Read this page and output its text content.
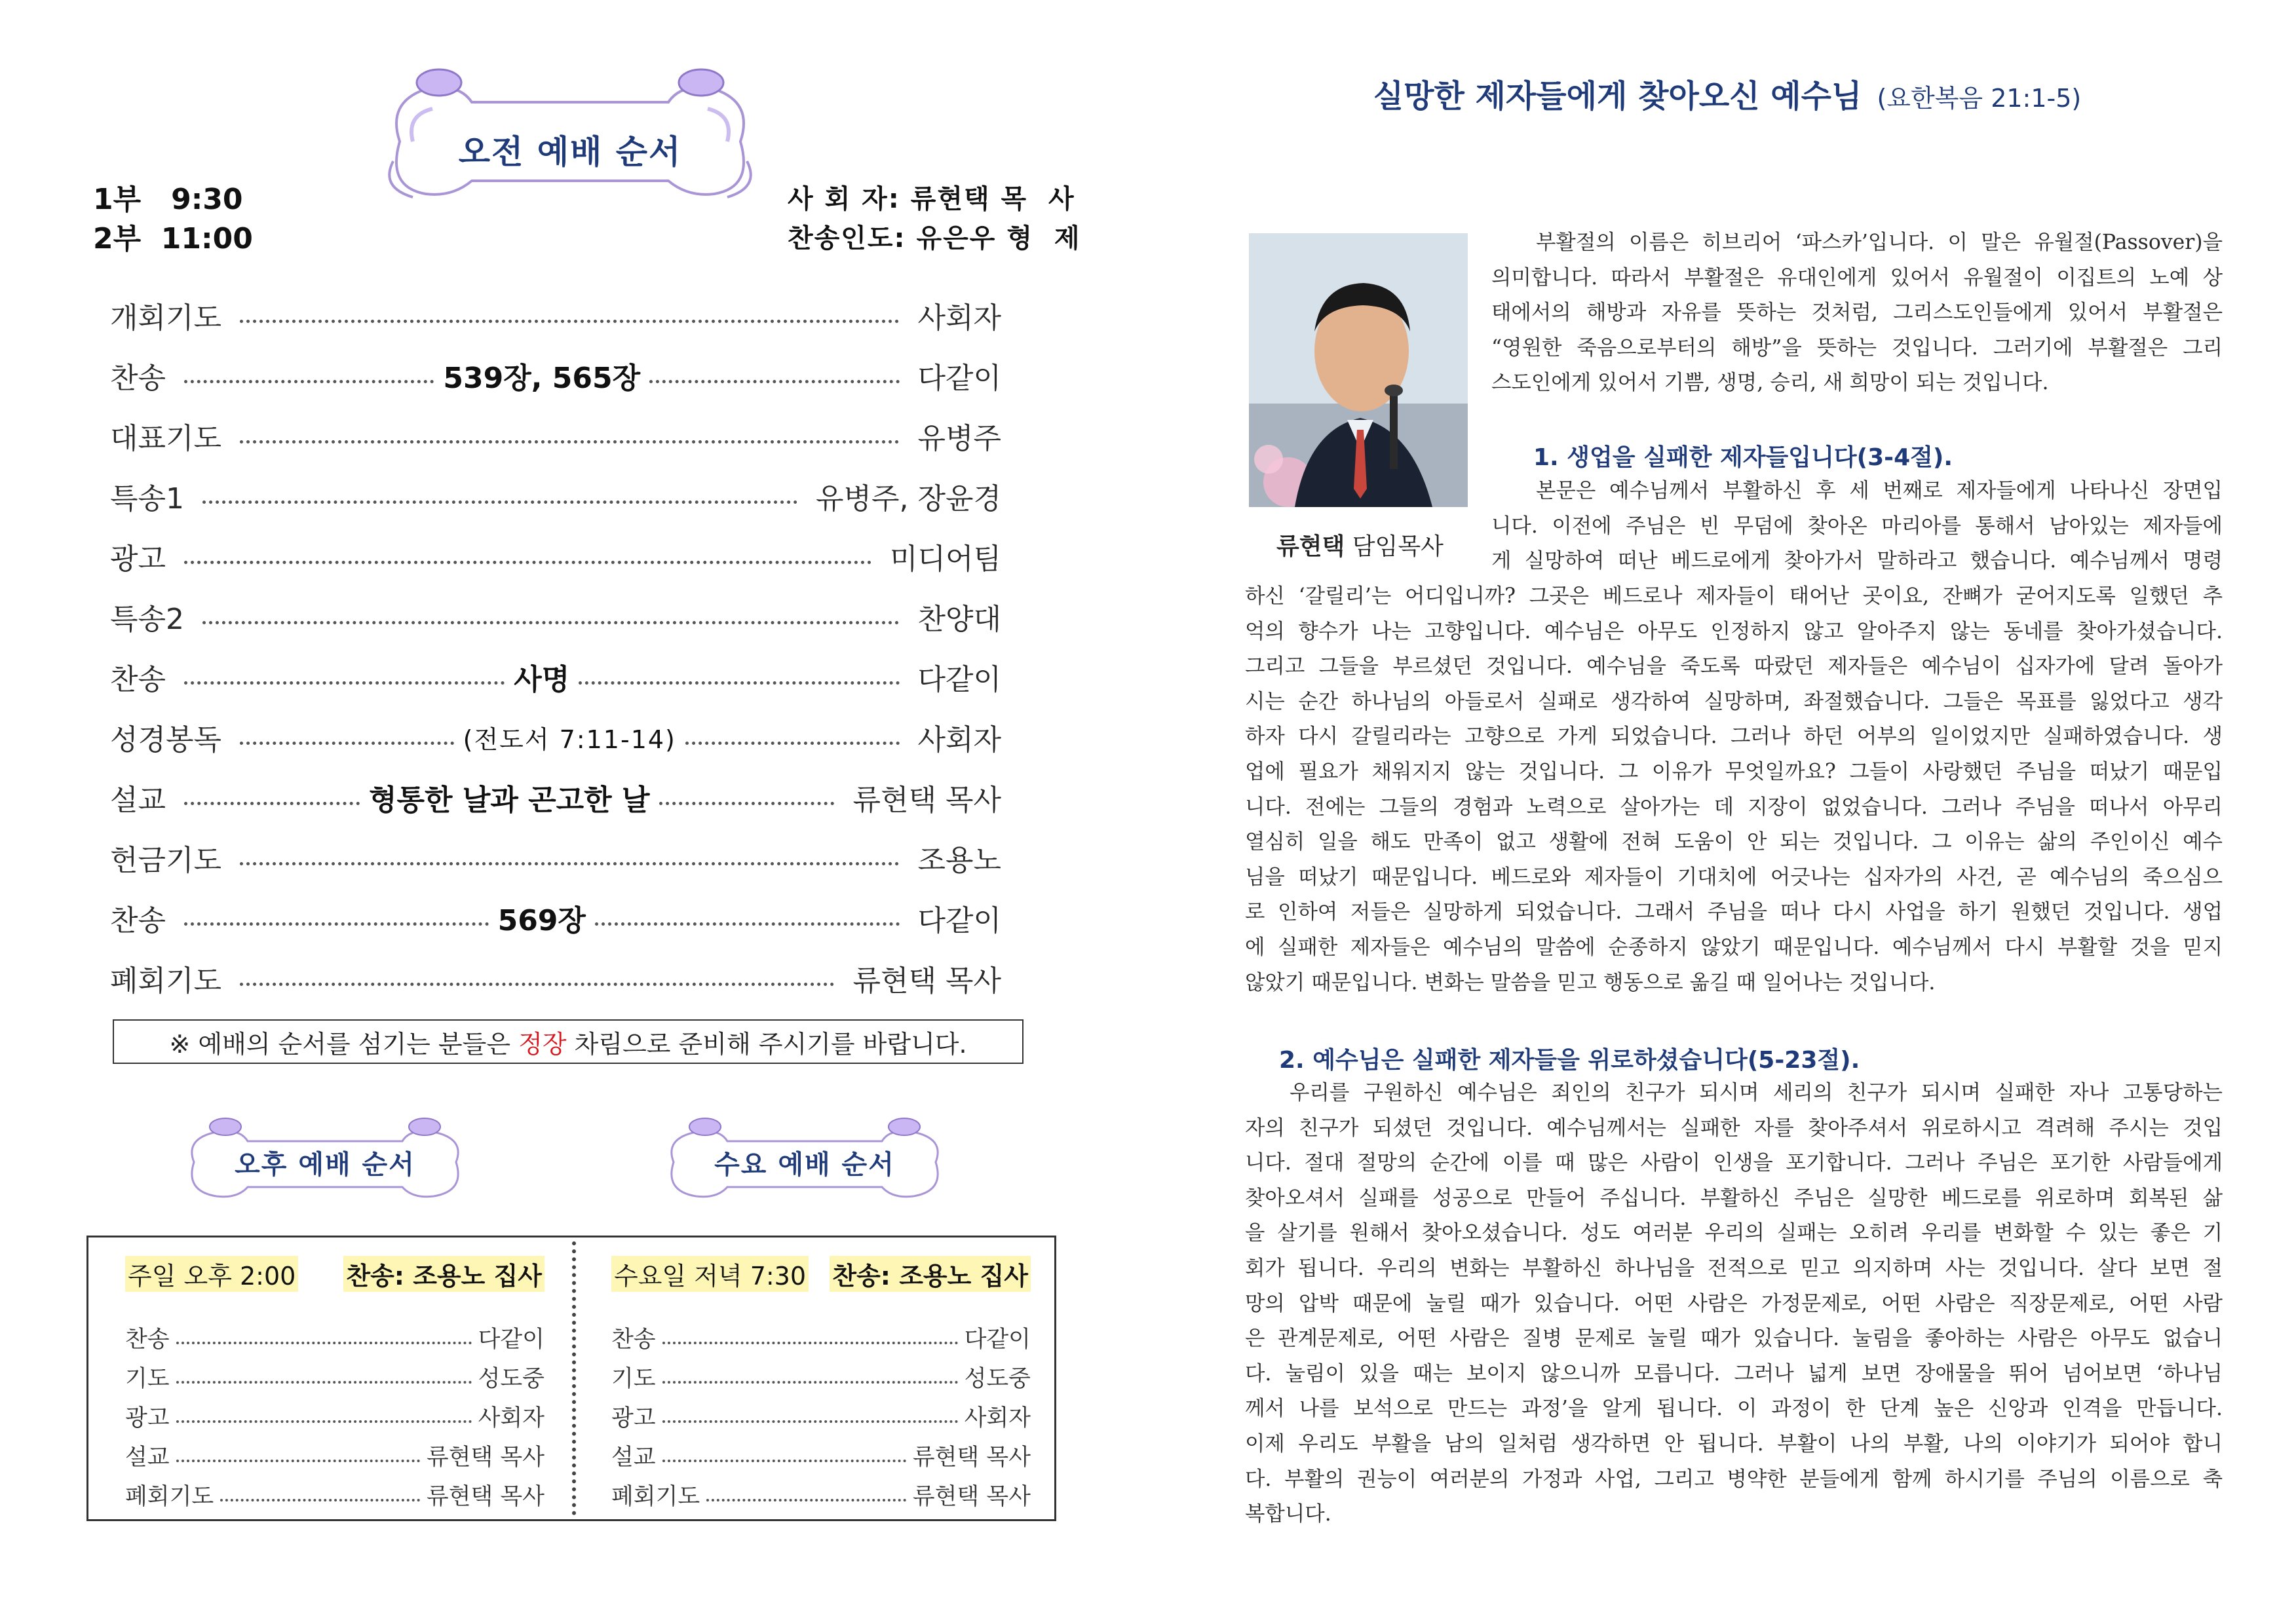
오전 예배 순서
1부   9:30
2부  11:00
사 회 자: 류현택 목  사
찬송인도: 유은우 형  제
개회기도	사회자
찬송	539장, 565장	다같이
대표기도	유병주
특송1	유병주, 장윤경
광고	미디어팀
특송2	찬양대
찬송	사명	다같이
성경봉독	(전도서 7:11-14)	사회자
설교	형통한 날과 곤고한 날	류현택 목사
헌금기도	조용노
찬송	569장	다같이
폐회기도	류현택 목사
※ 예배의 순서를 섬기는 분들은 정장 차림으로 준비해 주시기를 바랍니다.
오후 예배 순서	수요 예배 순서
주일 오후 2:00 찬송: 조용노 집사
찬송	다같이
기도	성도중
광고	사회자
설교	류현택 목사
폐회기도	류현택 목사
수요일 저녁 7:30 찬송: 조용노 집사
찬송	다같이
기도	성도중
광고	사회자
설교	류현택 목사
폐회기도	류현택 목사
실망한 제자들에게 찾아오신 예수님 (요한복음 21:1-5)
류현택 담임목사
부활절의 이름은 히브리어 ‘파스카’입니다. 이 말은 유월절(Passover)을
의미합니다. 따라서 부활절은 유대인에게 있어서 유월절이 이집트의 노예 상
태에서의 해방과 자유를 뜻하는 것처럼, 그리스도인들에게 있어서 부활절은
“영원한 죽음으로부터의 해방”을 뜻하는 것입니다. 그러기에 부활절은 그리
스도인에게 있어서 기쁨, 생명, 승리, 새 희망이 되는 것입니다.
1. 생업을 실패한 제자들입니다(3-4절).
본문은 예수님께서 부활하신 후 세 번째로 제자들에게 나타나신 장면입
니다. 이전에 주님은 빈 무덤에 찾아온 마리아를 통해서 남아있는 제자들에
게 실망하여 떠난 베드로에게 찾아가서 말하라고 했습니다. 예수님께서 명령
하신 ‘갈릴리’는 어디입니까? 그곳은 베드로나 제자들이 태어난 곳이요, 잔뼈가 굳어지도록 일했던 추
억의 향수가 나는 고향입니다. 예수님은 아무도 인정하지 않고 알아주지 않는 동네를 찾아가셨습니다.
그리고 그들을 부르셨던 것입니다. 예수님을 죽도록 따랐던 제자들은 예수님이 십자가에 달려 돌아가
시는 순간 하나님의 아들로서 실패로 생각하여 실망하며, 좌절했습니다. 그들은 목표를 잃었다고 생각
하자 다시 갈릴리라는 고향으로 가게 되었습니다. 그러나 하던 어부의 일이었지만 실패하였습니다. 생
업에 필요가 채워지지 않는 것입니다. 그 이유가 무엇일까요? 그들이 사랑했던 주님을 떠났기 때문입
니다. 전에는 그들의 경험과 노력으로 살아가는 데 지장이 없었습니다. 그러나 주님을 떠나서 아무리
열심히 일을 해도 만족이 없고 생활에 전혀 도움이 안 되는 것입니다. 그 이유는 삶의 주인이신 예수
님을 떠났기 때문입니다. 베드로와 제자들이 기대치에 어긋나는 십자가의 사건, 곧 예수님의 죽으심으
로 인하여 저들은 실망하게 되었습니다. 그래서 주님을 떠나 다시 사업을 하기 원했던 것입니다. 생업
에 실패한 제자들은 예수님의 말씀에 순종하지 않았기 때문입니다. 예수님께서 다시 부활할 것을 믿지
않았기 때문입니다. 변화는 말씀을 믿고 행동으로 옮길 때 일어나는 것입니다.
2. 예수님은 실패한 제자들을 위로하셨습니다(5-23절).
우리를 구원하신 예수님은 죄인의 친구가 되시며 세리의 친구가 되시며 실패한 자나 고통당하는
자의 친구가 되셨던 것입니다. 예수님께서는 실패한 자를 찾아주셔서 위로하시고 격려해 주시는 것입
니다. 절대 절망의 순간에 이를 때 많은 사람이 인생을 포기합니다. 그러나 주님은 포기한 사람들에게
찾아오셔서 실패를 성공으로 만들어 주십니다. 부활하신 주님은 실망한 베드로를 위로하며 회복된 삶
을 살기를 원해서 찾아오셨습니다. 성도 여러분 우리의 실패는 오히려 우리를 변화할 수 있는 좋은 기
회가 됩니다. 우리의 변화는 부활하신 하나님을 전적으로 믿고 의지하며 사는 것입니다. 살다 보면 절
망의 압박 때문에 눌릴 때가 있습니다. 어떤 사람은 가정문제로, 어떤 사람은 직장문제로, 어떤 사람
은 관계문제로, 어떤 사람은 질병 문제로 눌릴 때가 있습니다. 눌림을 좋아하는 사람은 아무도 없습니
다. 눌림이 있을 때는 보이지 않으니까 모릅니다. 그러나 넓게 보면 장애물을 뛰어 넘어보면 ‘하나님
께서 나를 보석으로 만드는 과정’을 알게 됩니다. 이 과정이 한 단계 높은 신앙과 인격을 만듭니다.
이제 우리도 부활을 남의 일처럼 생각하면 안 됩니다. 부활이 나의 부활, 나의 이야기가 되어야 합니
다. 부활의 권능이 여러분의 가정과 사업, 그리고 병약한 분들에게 함께 하시기를 주님의 이름으로 축
복합니다.
